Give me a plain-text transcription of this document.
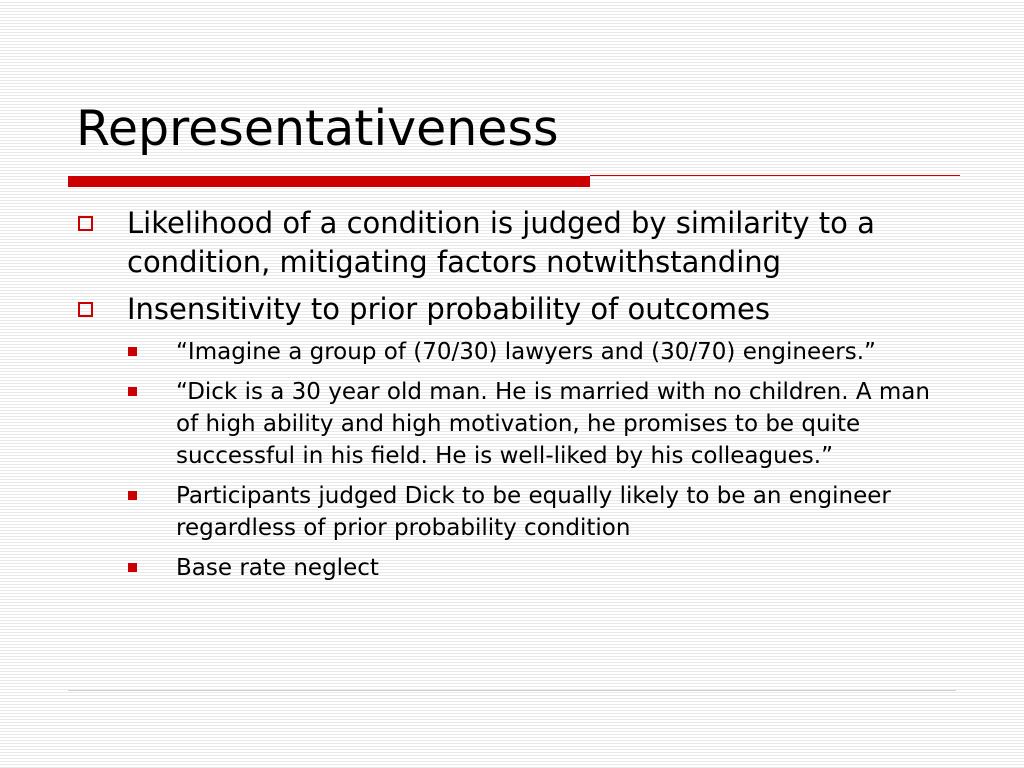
Representativeness
Likelihood of a condition is judged by similarity to a condition, mitigating factors notwithstanding
Insensitivity to prior probability of outcomes
“Imagine a group of (70/30) lawyers and (30/70) engineers.”
“Dick is a 30 year old man. He is married with no children. A man of high ability and high motivation, he promises to be quite successful in his field. He is well-liked by his colleagues.”
Participants judged Dick to be equally likely to be an engineer regardless of prior probability condition
Base rate neglect
